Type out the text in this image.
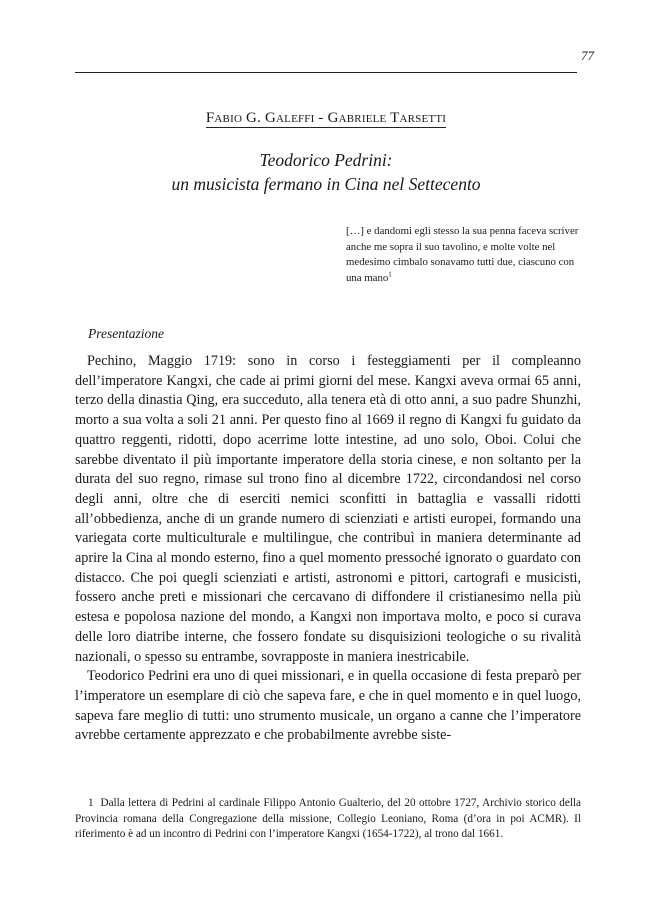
77
Fabio G. Galeffi - Gabriele Tarsetti
Teodorico Pedrini:
un musicista fermano in Cina nel Settecento
[…] e dandomi egli stesso la sua penna faceva scriver anche me sopra il suo tavolino, e molte volte nel medesimo cimbalo sonavamo tutti due, ciascuno con una mano$^1$
Presentazione

Pechino, Maggio 1719: sono in corso i festeggiamenti per il compleanno dell’imperatore Kangxi, che cade ai primi giorni del mese. Kangxi aveva ormai 65 anni, terzo della dinastia Qing, era succeduto, alla tenera età di otto anni, a suo padre Shunzhi, morto a sua volta a soli 21 anni. Per questo fino al 1669 il regno di Kangxi fu guidato da quattro reggenti, ridotti, dopo acerrime lotte intestine, ad uno solo, Oboi. Colui che sarebbe diventato il più importante imperatore della storia cinese, e non soltanto per la durata del suo regno, rimase sul trono fino al dicembre 1722, circondandosi nel corso degli anni, oltre che di eserciti nemici sconfitti in battaglia e vassalli ridotti all’obbedienza, anche di un grande numero di scienziati e artisti europei, formando una variegata corte multiculturale e multilingue, che contribuì in maniera determinante ad aprire la Cina al mondo esterno, fino a quel momento pressoché ignorato o guardato con distacco. Che poi quegli scienziati e artisti, astronomi e pittori, cartografi e musicisti, fossero anche preti e missionari che cercavano di diffondere il cristianesimo nella più estesa e popolosa nazione del mondo, a Kangxi non importava molto, e poco si curava delle loro diatribe interne, che fossero fondate su disquisizioni teologiche o su rivalità nazionali, o spesso su entrambe, sovrapposte in maniera inestricabile.

Teodorico Pedrini era uno di quei missionari, e in quella occasione di festa preparò per l’imperatore un esemplare di ciò che sapeva fare, e che in quel momento e in quel luogo, sapeva fare meglio di tutti: uno strumento musicale, un organo a canne che l’imperatore avrebbe certamente apprezzato e che probabilmente avrebbe siste-

1 Dalla lettera di Pedrini al cardinale Filippo Antonio Gualterio, del 20 ottobre 1727, Archivio storico della Provincia romana della Congregazione della missione, Collegio Leoniano, Roma (d’ora in poi ACMR). Il riferimento è ad un incontro di Pedrini con l’imperatore Kangxi (1654-1722), al trono dal 1661.
